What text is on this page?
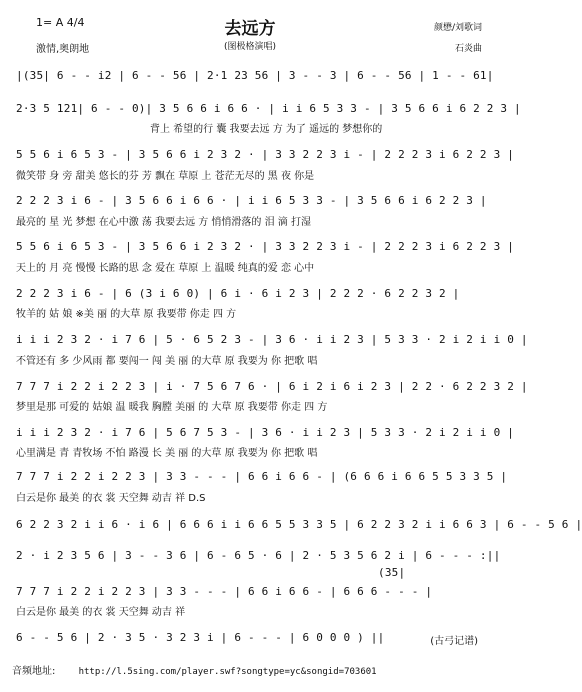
去远方
(图极格演唱)
1= A 4/4
激情,奥朗地
颜懋/刘歌词
石炎曲
|(35| 6 - - i2 | 6 - - 56 | 2·1 23 56 | 3 - - 3 | 6 - - 56 | 1 - - 61|
2·3 5 121| 6 - - 0)| 3 5 6 6 i 6 6 · | i i 6 5 3 3 - | 3 5 6 6 i 6 2 2 3 |
背上 希望的行 囊 我要去远 方 为了 遥远的 梦想你的
5 5 6 i 6 5 3 - | 3 5 6 6 i 2 3 2 · | 3 3 2 2 3 i - | 2 2 2 3 i 6 2 2 3 |
微笑带 身 旁 甜美 悠长的芬 芳 飘在 草原 上 苍茫无尽的 黑 夜 你是
2 2 2 3 i 6 - | 3 5 6 6 i 6 6 · | i i 6 5 3 3 - | 3 5 6 6 i 6 2 2 3 |
最亮的 星 光 梦想 在心中激 荡 我要去远 方 悄悄滑落的 泪 滴 打湿
5 5 6 i 6 5 3 - | 3 5 6 6 i 2 3 2 · | 3 3 2 2 3 i - | 2 2 2 3 i 6 2 2 3 |
天上的 月 亮 慢慢 长路的思 念 爱在 草原 上 温暖 纯真的爱 恋 心中
2 2 2 3 i 6 - | 6 (3 i 6 0) | 6 i · 6 i 2 3 | 2 2 2 · 6 2 2 3 2 |
牧羊的 姑 娘 ※美 丽 的大草 原 我要带 你走 四 方
i i i 2 3 2 · i 7 6 | 5 · 6 5 2 3 - | 3 6 · i i 2 3 | 5 3 3 · 2 i 2 i i 0 |
不管还有 多 少风雨 都 要闯一 闯 美 丽 的大草 原 我要为 你 把歌 唱
7 7 7 i 2 2 i 2 2 3 | i · 7 5 6 7 6 · | 6 i 2 i 6 i 2 3 | 2 2 · 6 2 2 3 2 |
梦里是那 可爱的 姑娘 温 暖我 胸膛 美丽 的 大草 原 我要带 你走 四 方
i i i 2 3 2 · i 7 6 | 5 6 7 5 3 - | 3 6 · i i 2 3 | 5 3 3 · 2 i 2 i i 0 |
心里满是 青 青牧场 不怕 路漫 长 美 丽 的大草 原 我要为 你 把歌 唱
7 7 7 i 2 2 i 2 2 3 | 3 3 - - - | 6 6 i 6 6 - | (6 6 6 i 6 6 5 5 3 3 5 |
白云是你 最美 的衣 裳 天空舞 动吉 祥 D.S
6 2 2 3 2 i i 6 · i 6 | 6 6 6 i i 6 6 5 5 3 3 5 | 6 2 2 3 2 i i 6 6 3 | 6 - - 5 6 |
2 · i 2 3 5 6 | 3 - - 3 6 | 6 - 6 5 · 6 | 2 · 5 3 5 6 2 i | 6 - - - :||
(35|
7 7 7 i 2 2 i 2 2 3 | 3 3 - - - | 6 6 i 6 6 - | 6 6 6 - - - |
白云是你 最美 的衣 裳 天空舞 动吉 祥
6 - - 5 6 | 2 · 3 5 · 3 2 3 i | 6 - - - | 6 0 0 0 ) ||	(古弓记谱)
音频地址:	http://l.5sing.com/player.swf?songtype=yc&songid=703601
